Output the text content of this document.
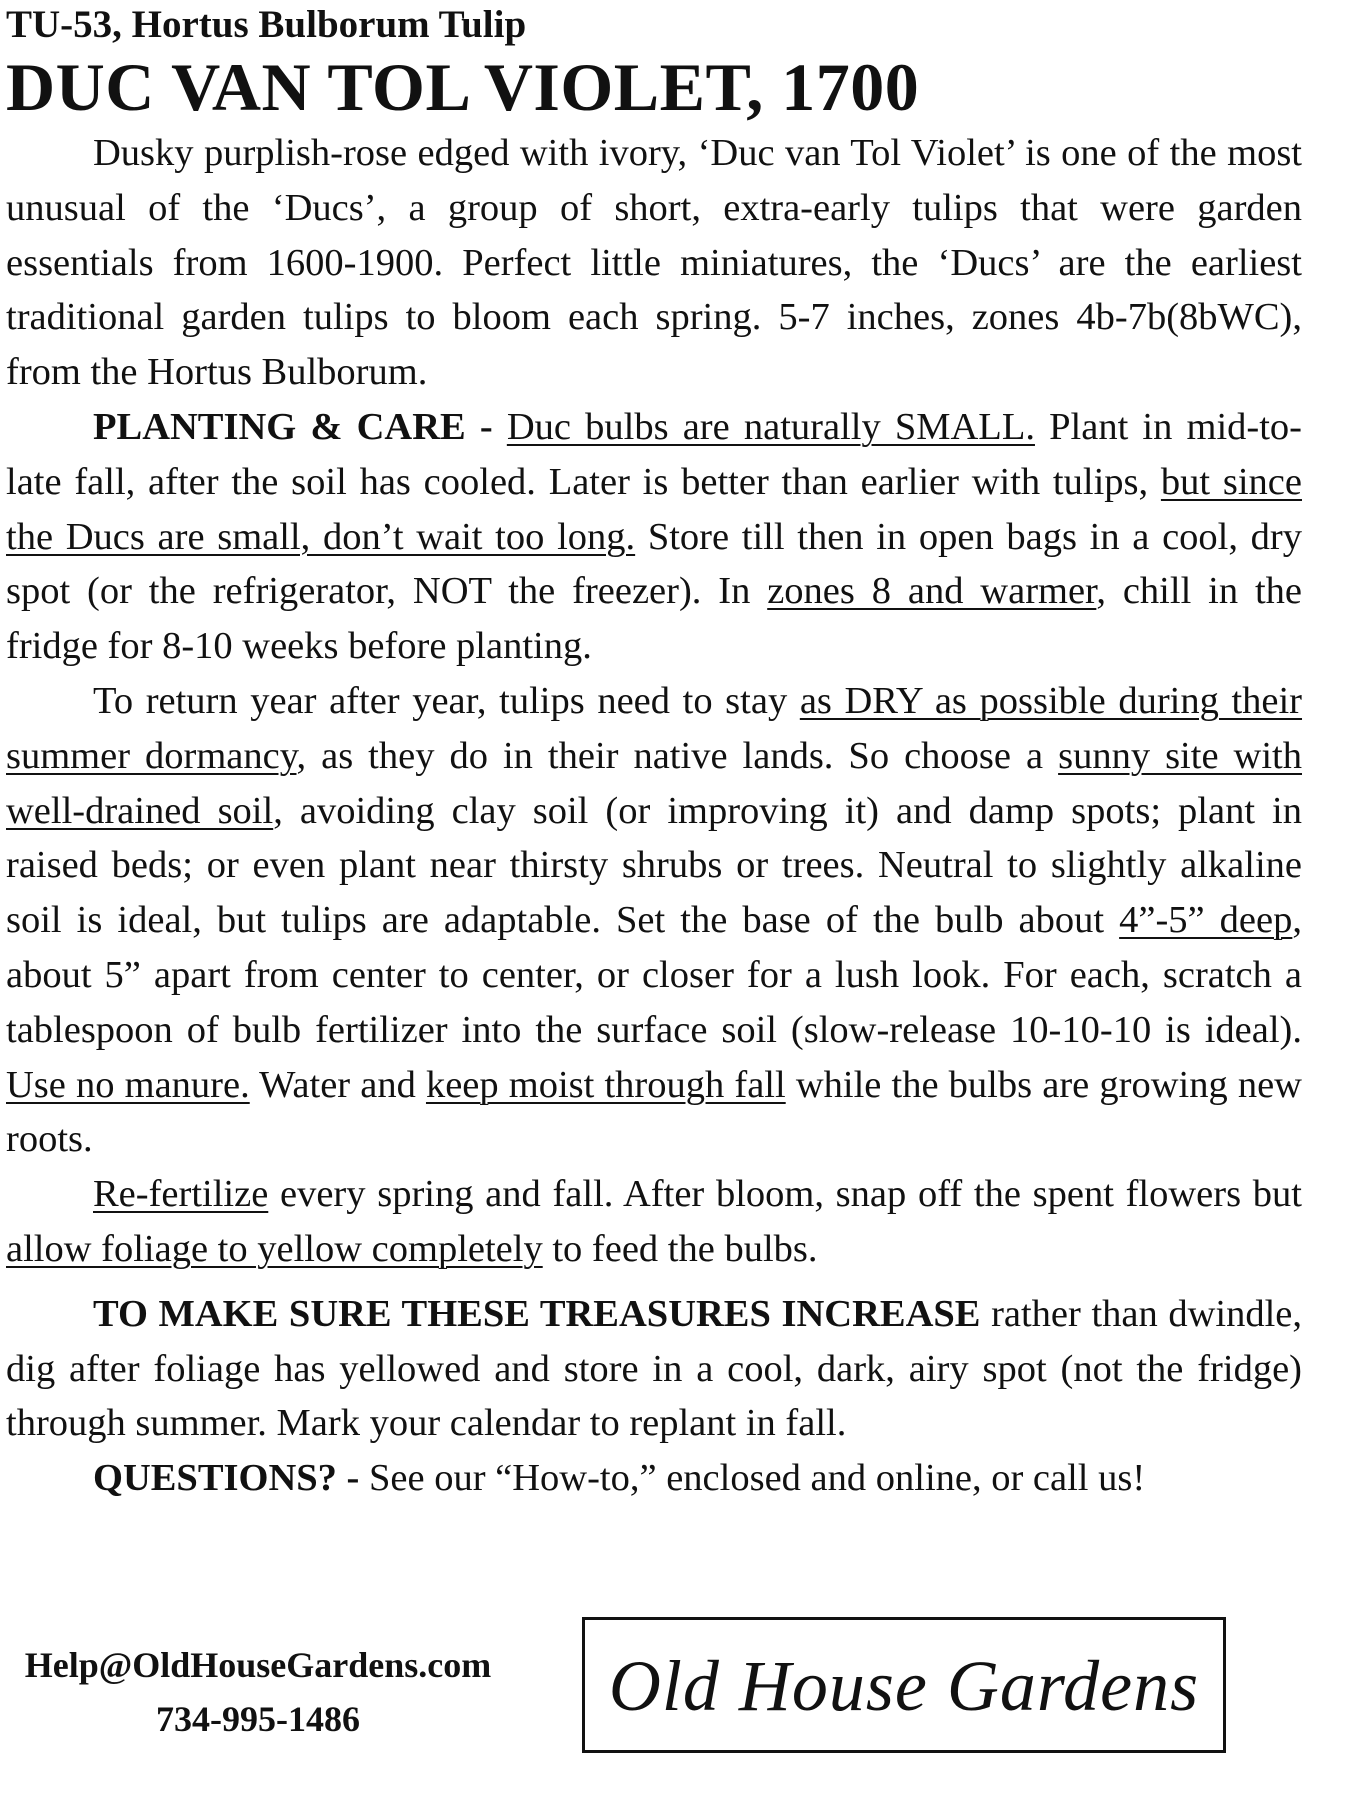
TU-53, Hortus Bulborum Tulip
DUC VAN TOL VIOLET, 1700

Dusky purplish-rose edged with ivory, ‘Duc van Tol Violet’ is one of the most unusual of the ‘Ducs’, a group of short, extra-early tulips that were garden essentials from 1600-1900. Perfect little miniatures, the ‘Ducs’ are the earliest traditional garden tulips to bloom each spring. 5-7 inches, zones 4b-7b(8bWC), from the Hortus Bulborum.

PLANTING & CARE - Duc bulbs are naturally SMALL. Plant in mid-to-late fall, after the soil has cooled. Later is better than earlier with tulips, but since the Ducs are small, don’t wait too long. Store till then in open bags in a cool, dry spot (or the refrigerator, NOT the freezer). In zones 8 and warmer, chill in the fridge for 8-10 weeks before planting.

To return year after year, tulips need to stay as DRY as possible during their summer dormancy, as they do in their native lands. So choose a sunny site with well-drained soil, avoiding clay soil (or improving it) and damp spots; plant in raised beds; or even plant near thirsty shrubs or trees. Neutral to slightly alkaline soil is ideal, but tulips are adaptable. Set the base of the bulb about 4”-5” deep, about 5” apart from center to center, or closer for a lush look. For each, scratch a tablespoon of bulb fertilizer into the surface soil (slow-release 10-10-10 is ideal). Use no manure. Water and keep moist through fall while the bulbs are growing new roots.

Re-fertilize every spring and fall. After bloom, snap off the spent flowers but allow foliage to yellow completely to feed the bulbs.

TO MAKE SURE THESE TREASURES INCREASE rather than dwindle, dig after foliage has yellowed and store in a cool, dark, airy spot (not the fridge) through summer. Mark your calendar to replant in fall.

QUESTIONS? - See our “How-to,” enclosed and online, or call us!

Help@OldHouseGardens.com
734-995-1486	Old House Gardens
